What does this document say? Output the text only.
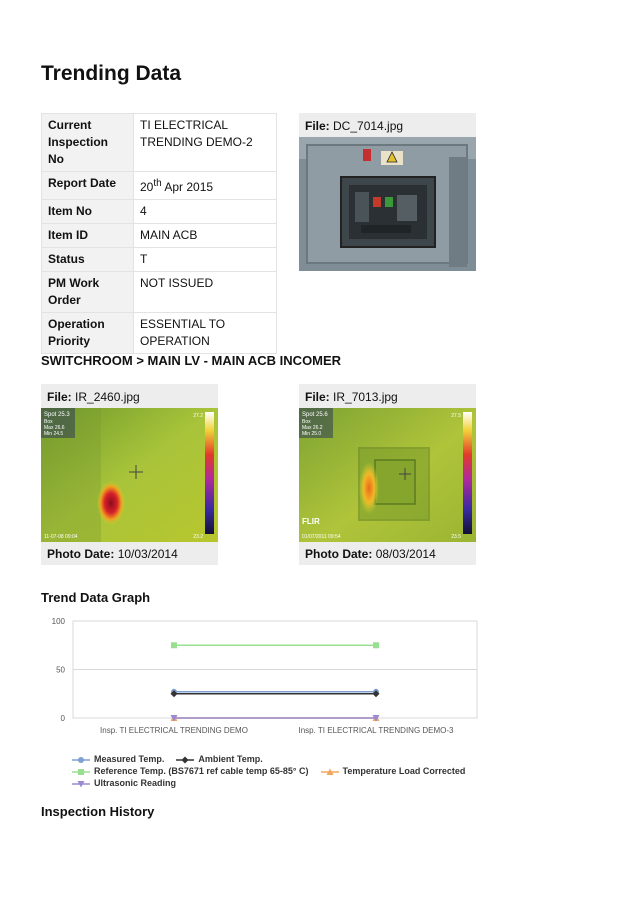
Trending Data
Current Inspection No	TI ELECTRICAL TRENDING DEMO-2
Report Date	20th Apr 2015
Item No	4
Item ID	MAIN ACB
Status	T
PM Work Order	NOT ISSUED
Operation Priority	ESSENTIAL TO OPERATION
File: DC_7014.jpg
SWITCHROOM > MAIN LV - MAIN ACB INCOMER
File: IR_2460.jpg
Spot 25.3
Box
Max 26.6
Min 24.5
27.2
23.2
11-07-08 09:04
Photo Date: 10/03/2014
File: IR_7013.jpg
Spot 25.6
Box
Max 26.2
Min 25.0
27.5
23.5
FLIR
01/07/2011 09:54
Photo Date: 08/03/2014
Trend Data Graph
0
50
100
Insp. TI ELECTRICAL TRENDING DEMO	Insp. TI ELECTRICAL TRENDING DEMO-3
Measured Temp.	Ambient Temp.Reference Temp. (BS7671 ref cable temp 65-85° C)	Temperature Load CorrectedUltrasonic Reading
Inspection History
